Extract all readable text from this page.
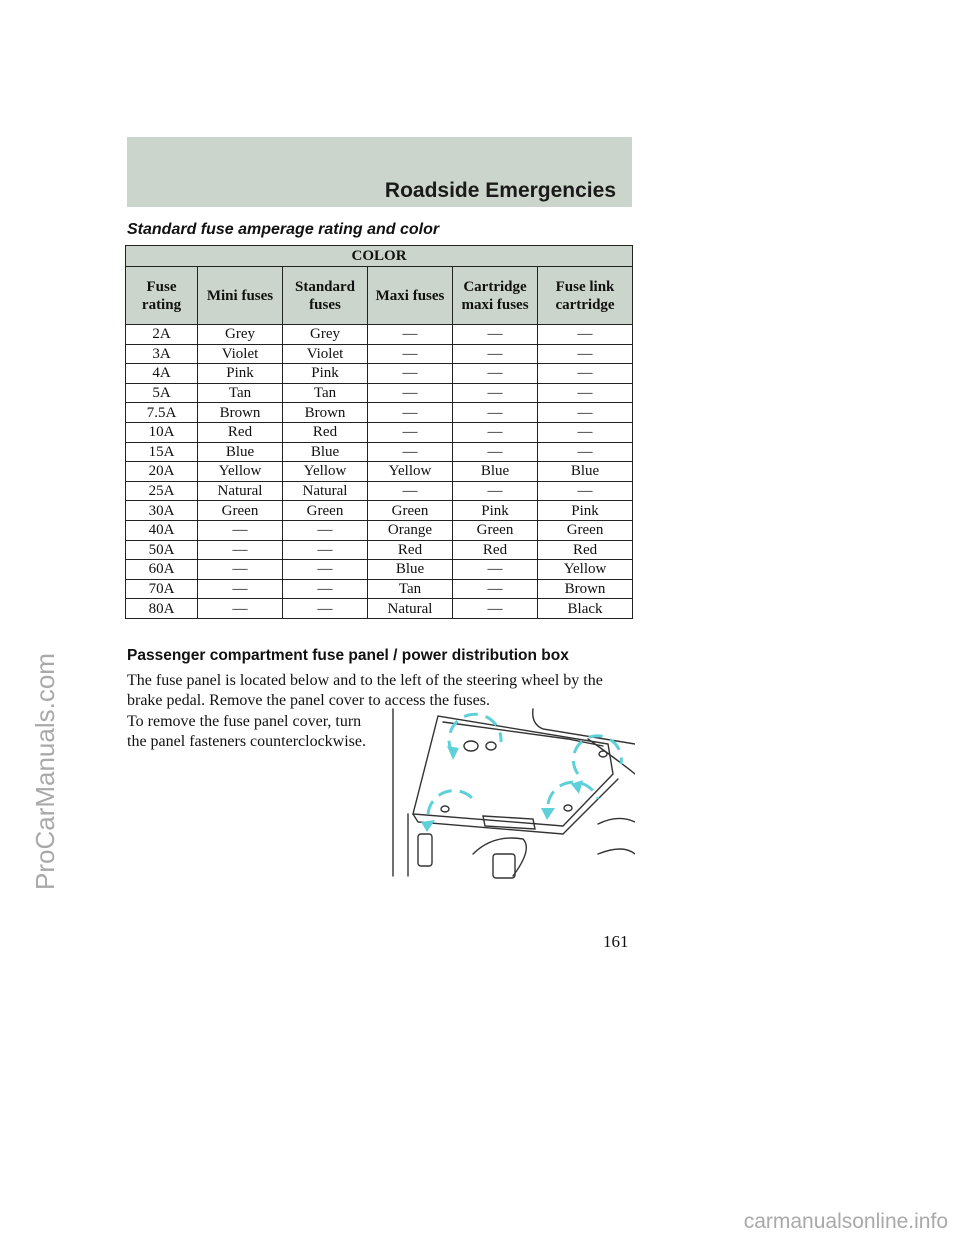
Roadside Emergencies
Standard fuse amperage rating and color
COLOR					
Fuse rating	Mini fuses	Standard fuses	Maxi fuses	Cartridge maxi fuses	Fuse link cartridge
2A	Grey	Grey	—	—	—
3A	Violet	Violet	—	—	—
4A	Pink	Pink	—	—	—
5A	Tan	Tan	—	—	—
7.5A	Brown	Brown	—	—	—
10A	Red	Red	—	—	—
15A	Blue	Blue	—	—	—
20A	Yellow	Yellow	Yellow	Blue	Blue
25A	Natural	Natural	—	—	—
30A	Green	Green	Green	Pink	Pink
40A	—	—	Orange	Green	Green
50A	—	—	Red	Red	Red
60A	—	—	Blue	—	Yellow
70A	—	—	Tan	—	Brown
80A	—	—	Natural	—	Black
Passenger compartment fuse panel / power distribution box
The fuse panel is located below and to the left of the steering wheel by the brake pedal. Remove the panel cover to access the fuses.
To remove the fuse panel cover, turn the panel fasteners counterclockwise.
161
ProCarManuals.com
carmanualsonline.info
